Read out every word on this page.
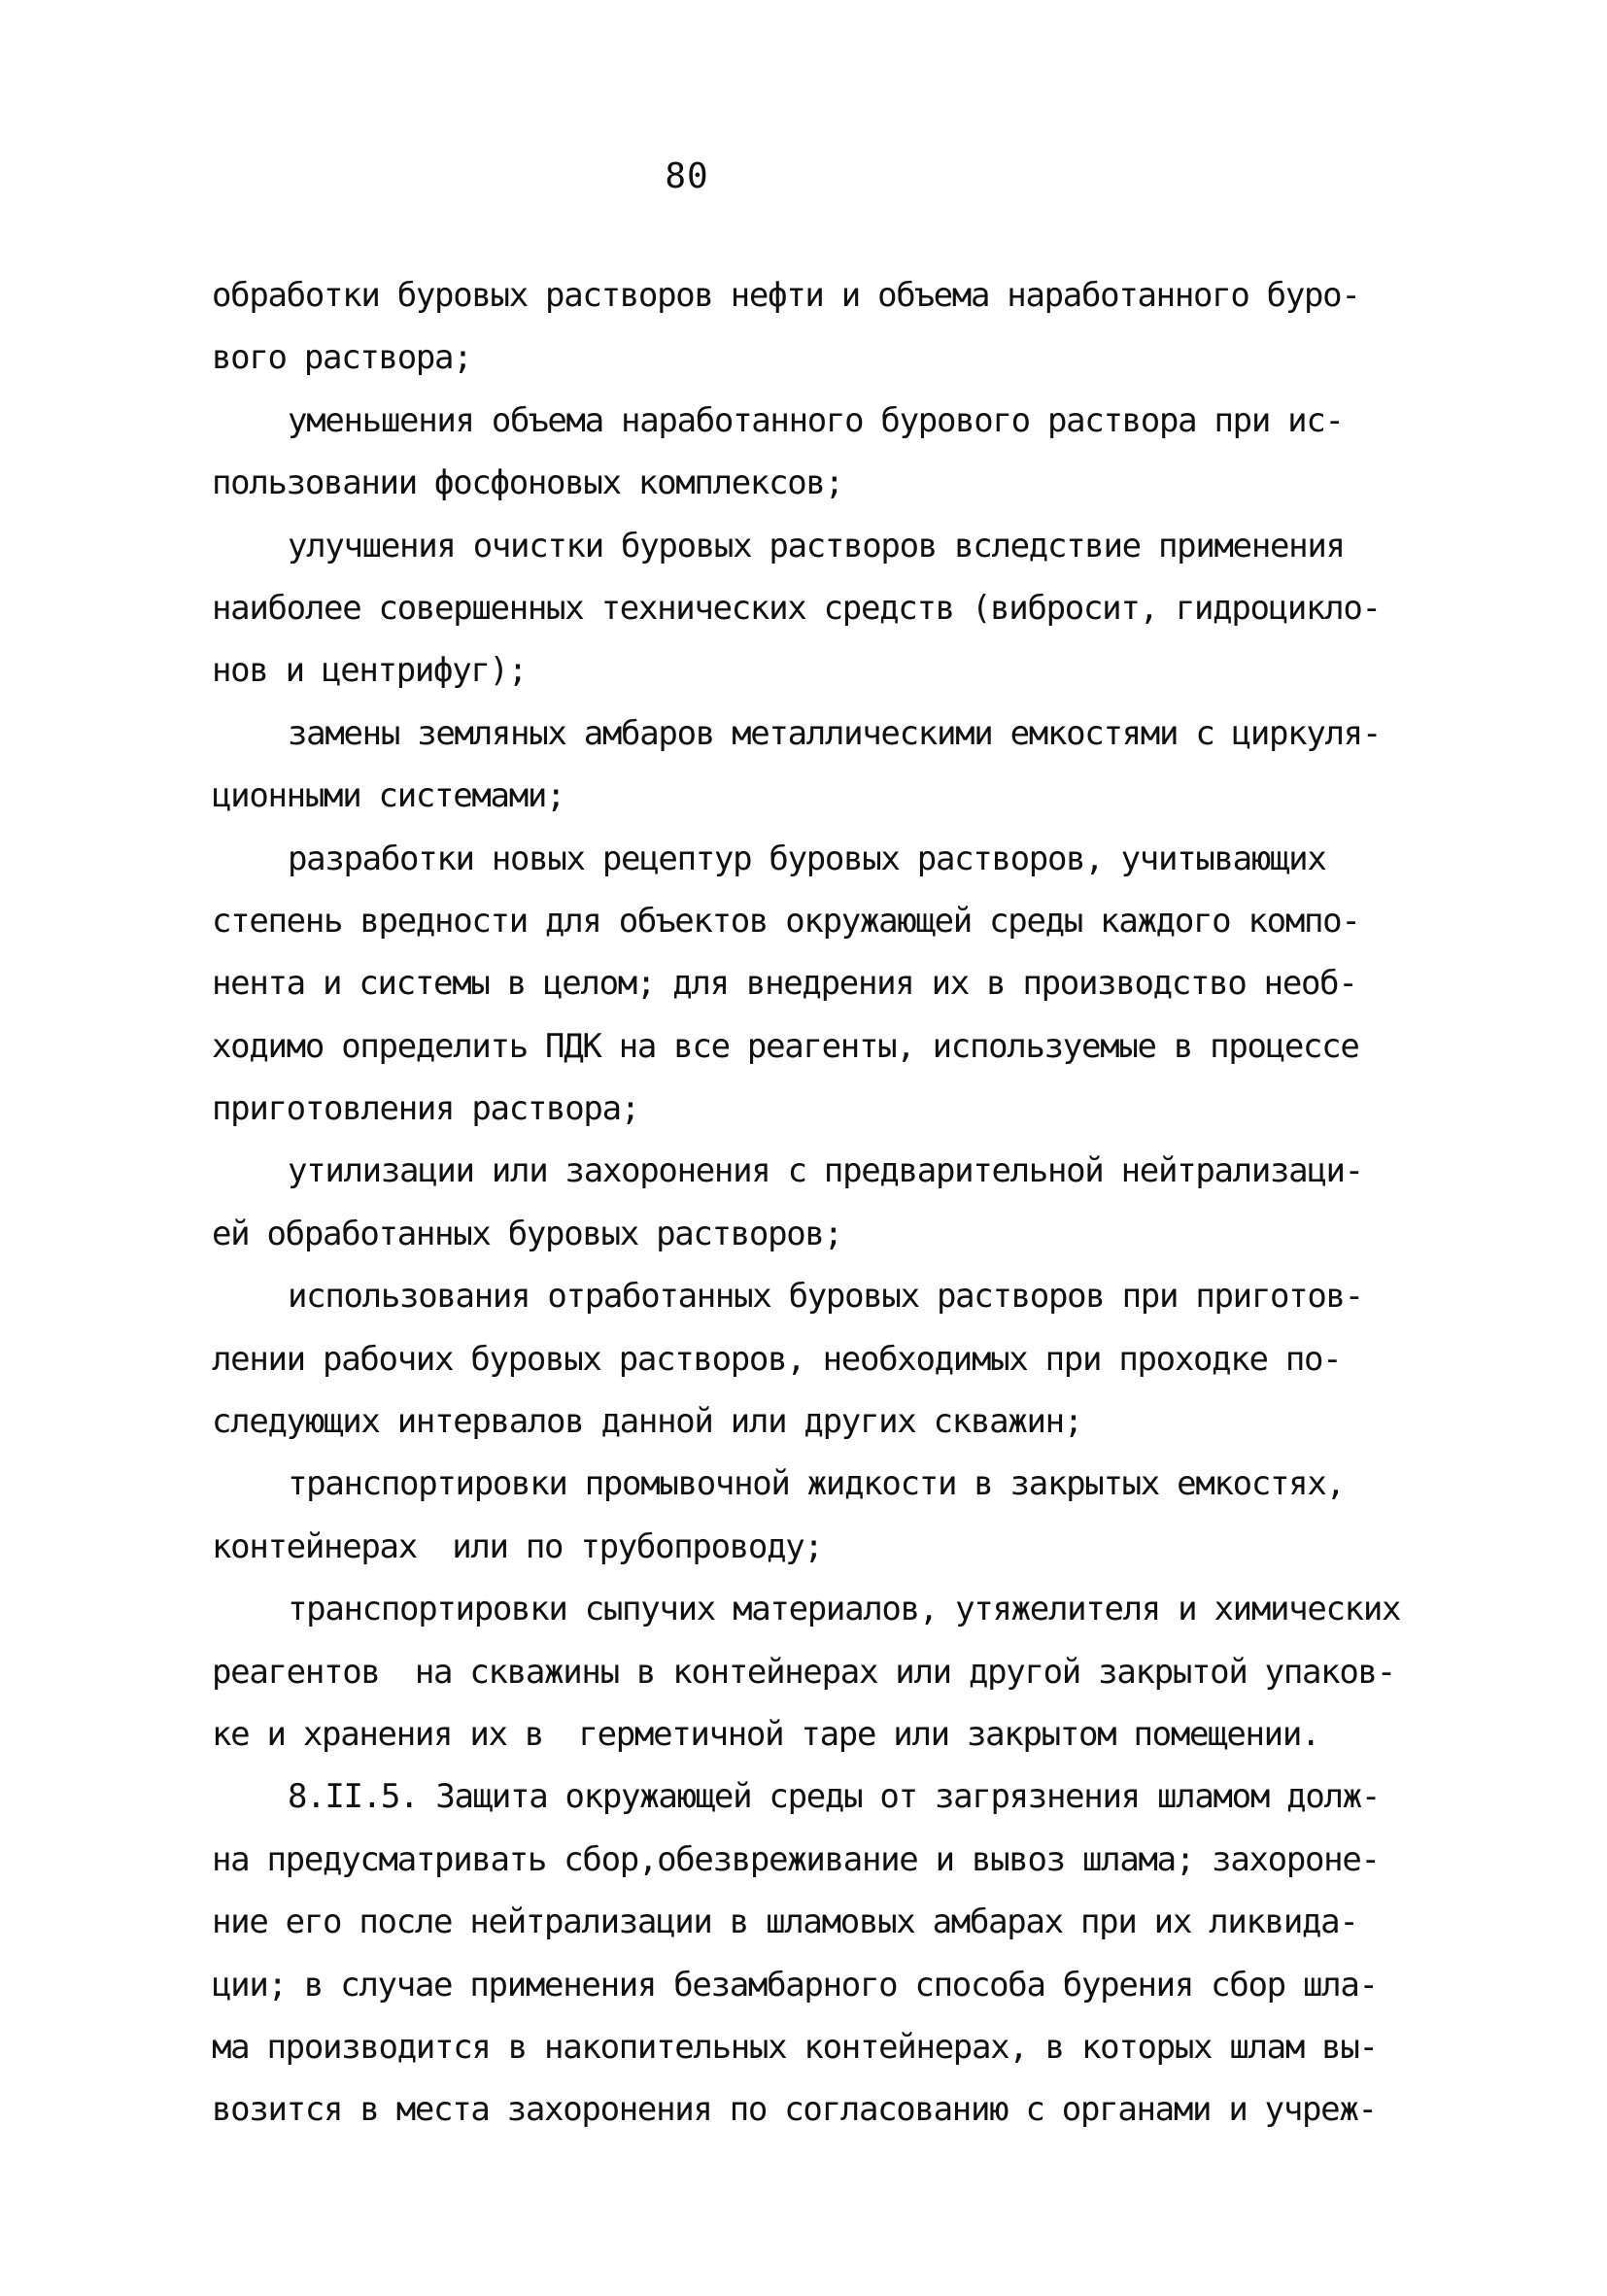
80
обработки буровых растворов нефти и объема наработанного буро-
вого раствора;
уменьшения объема наработанного бурового раствора при ис-
пользовании фосфоновых комплексов;
улучшения очистки буровых растворов вследствие применения
наиболее совершенных технических средств (вибросит, гидроцикло-
нов и центрифуг);
замены земляных амбаров металлическими емкостями с циркуля-
ционными системами;
разработки новых рецептур буровых растворов, учитывающих
степень вредности для объектов окружающей среды каждого компо-
нента и системы в целом; для внедрения их в производство необ-
ходимо определить ПДК на все реагенты, используемые в процессе
приготовления раствора;
утилизации или захоронения с предварительной нейтрализаци-
ей обработанных буровых растворов;
использования отработанных буровых растворов при приготов-
лении рабочих буровых растворов, необходимых при проходке по-
следующих интервалов данной или других скважин;
транспортировки промывочной жидкости в закрытых емкостях,
контейнерах  или по трубопроводу;
транспортировки сыпучих материалов, утяжелителя и химических
реагентов  на скважины в контейнерах или другой закрытой упаков-
ке и хранения их в  герметичной таре или закрытом помещении.
8.II.5. Защита окружающей среды от загрязнения шламом долж-
на предусматривать сбор,обезвреживание и вывоз шлама; захороне-
ние его после нейтрализации в шламовых амбарах при их ликвида-
ции; в случае применения безамбарного способа бурения сбор шла-
ма производится в накопительных контейнерах, в которых шлам вы-
возится в места захоронения по согласованию с органами и учреж-
